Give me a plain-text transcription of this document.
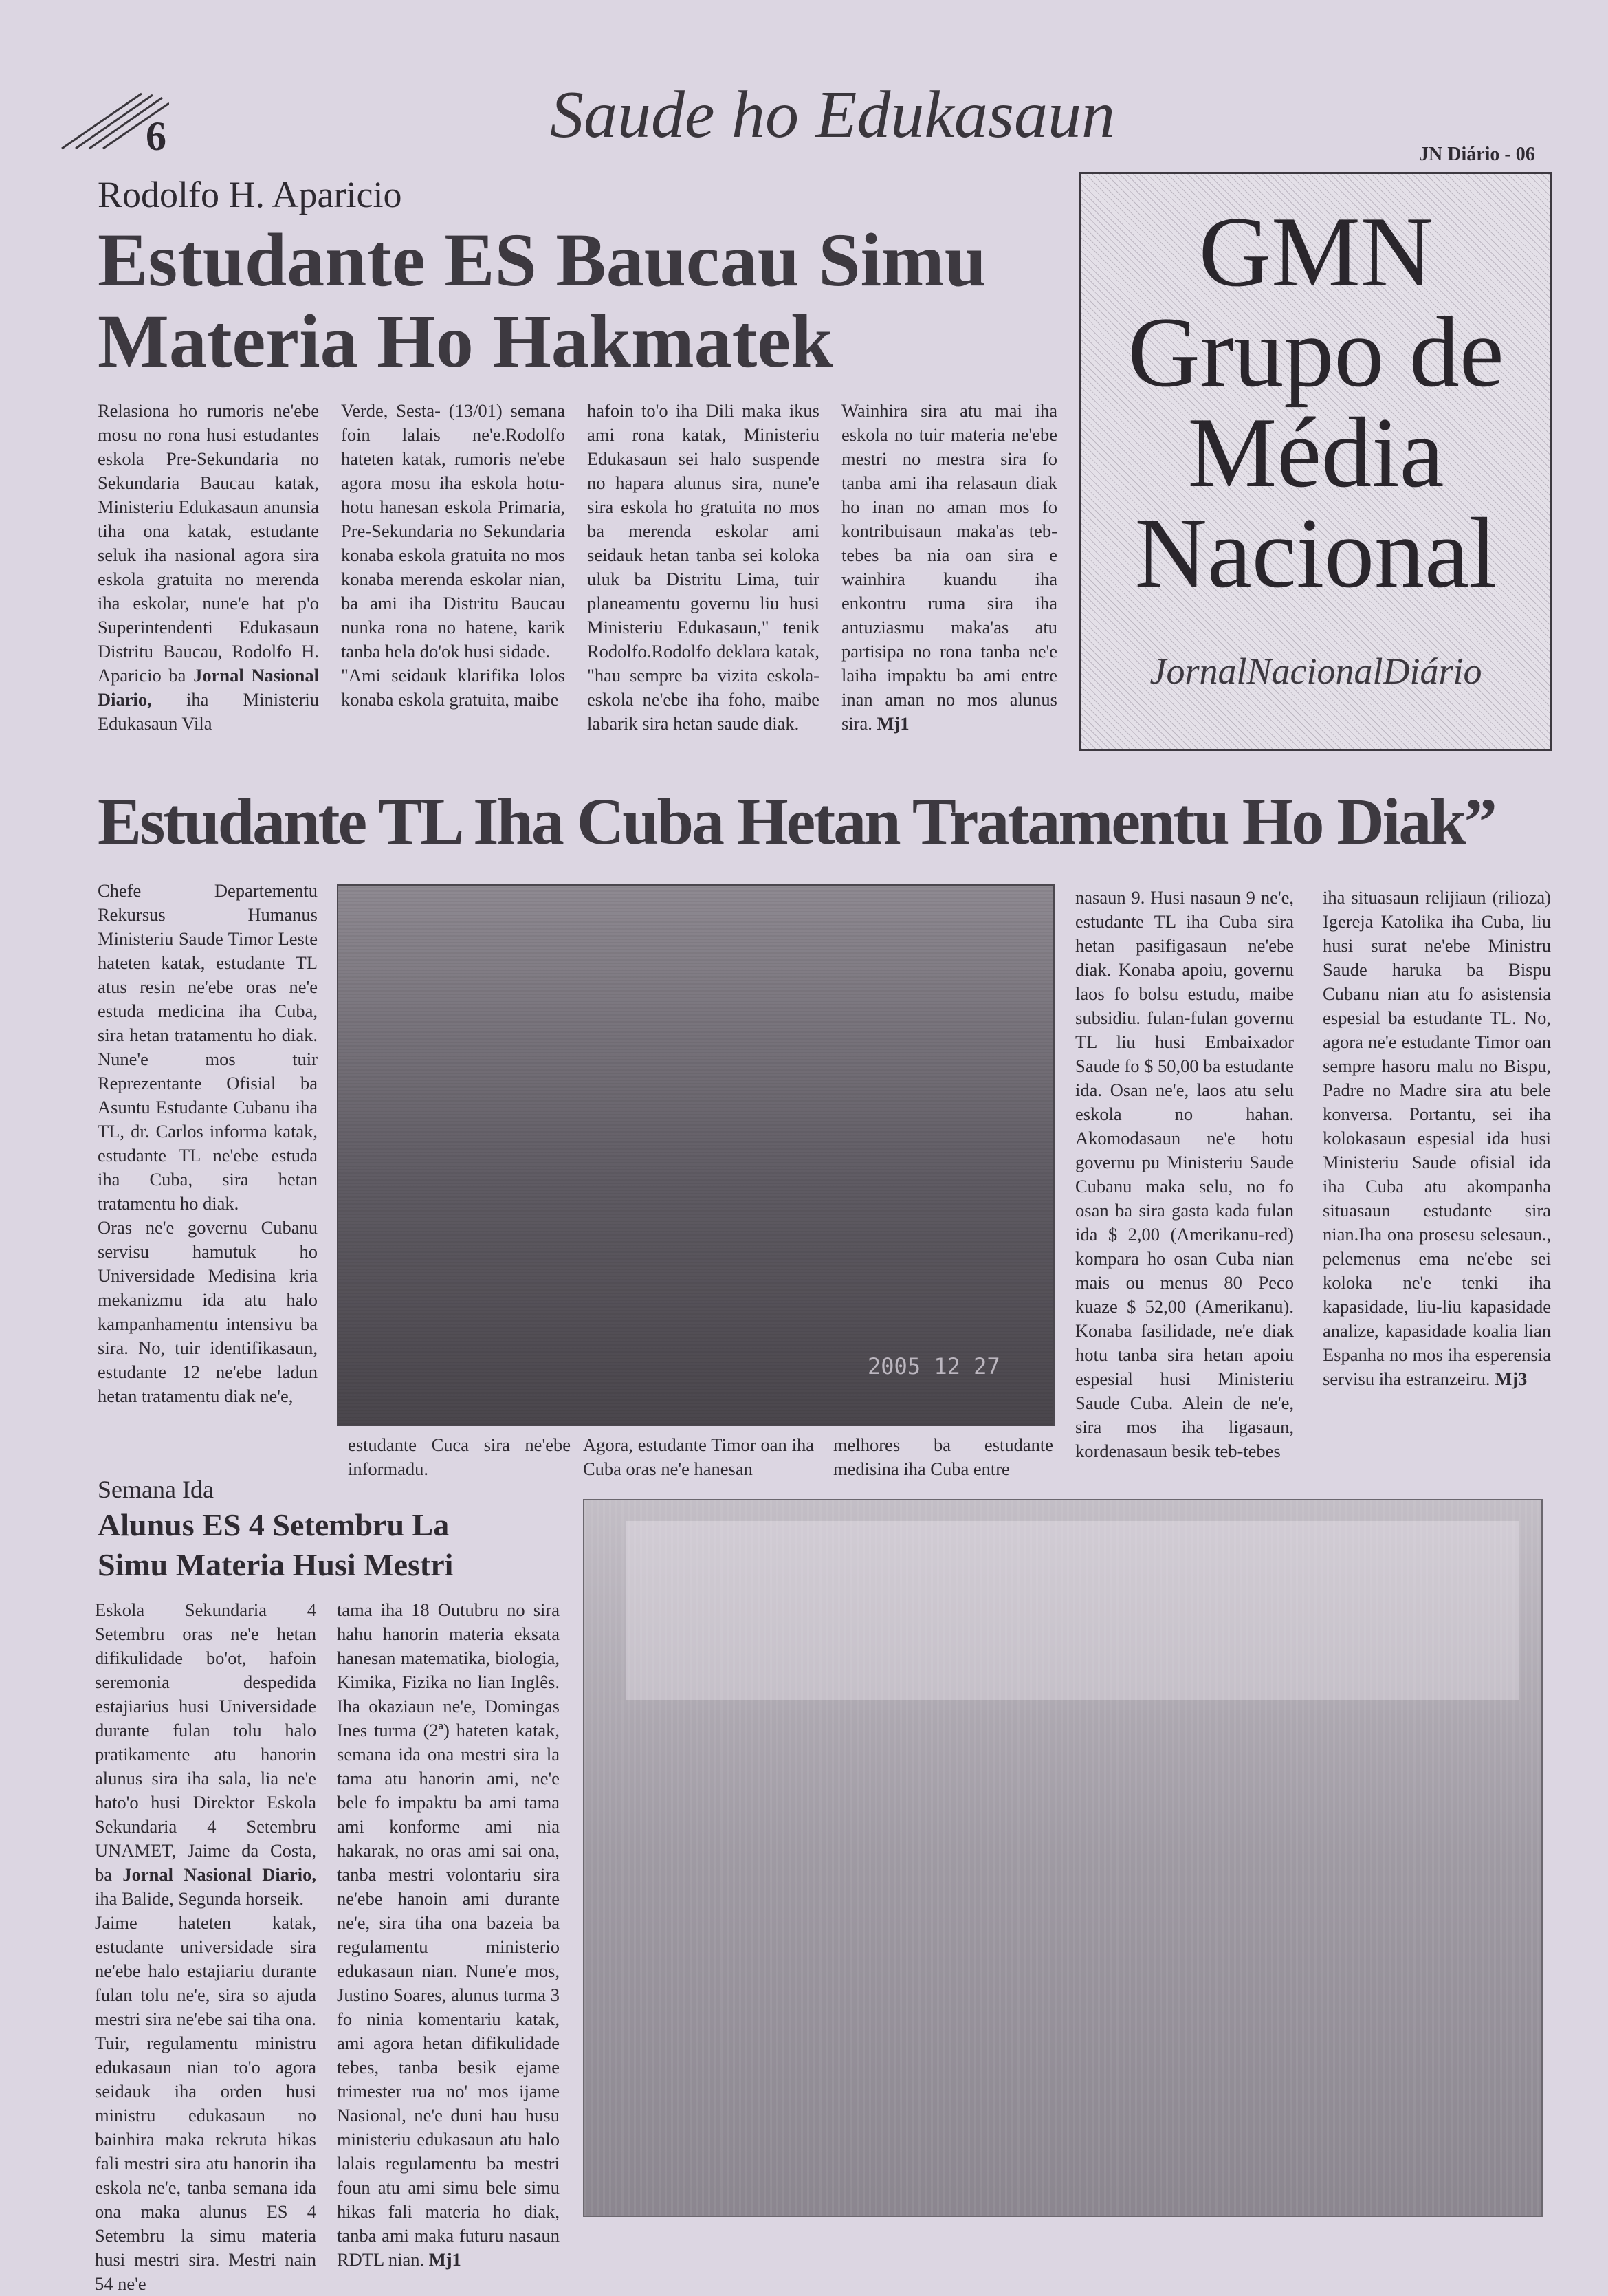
6	Saude ho Edukasaun
JN Diário - 06
Rodolfo H. Aparicio
Estudante ES Baucau Simu
Materia Ho Hakmatek
Relasiona ho rumoris ne'ebe mosu no rona husi estudantes eskola Pre-Sekundaria no Sekundaria Baucau katak, Ministeriu Edukasaun anunsia tiha ona katak, estudante seluk iha nasional agora sira eskola gratuita no merenda iha eskolar, nune'e hat p'o Superintendenti Edukasaun Distritu Baucau, Rodolfo H. Aparicio ba Jornal Nasional Diario, iha Ministeriu Edukasaun Vila

Verde, Sesta- (13/01) semana foin lalais ne'e.Rodolfo hateten katak, rumoris ne'ebe agora mosu iha eskola hotu-hotu hanesan eskola Primaria, Pre-Sekundaria no Sekundaria konaba eskola gratuita no mos konaba merenda eskolar nian, ba ami iha Distritu Baucau nunka rona no hatene, karik tanba hela do'ok husi sidade.

"Ami seidauk klarifika lolos konaba eskola gratuita, maibe

hafoin to'o iha Dili maka ikus ami rona katak, Ministeriu Edukasaun sei halo suspende no hapara alunus sira, nune'e sira eskola ho gratuita no mos ba merenda eskolar ami seidauk hetan tanba sei koloka uluk ba Distritu Lima, tuir planeamentu governu liu husi Ministeriu Edukasaun," tenik Rodolfo.Rodolfo deklara katak, "hau sempre ba vizita eskola-eskola ne'ebe iha foho, maibe labarik sira hetan saude diak.
Wainhira sira atu mai iha eskola no tuir materia ne'ebe mestri no mestra sira fo tanba ami iha relasaun diak ho inan no aman mos fo kontribuisaun maka'as teb-tebes ba nia oan sira e wainhira kuandu iha enkontru ruma sira iha antuziasmu maka'as atu partisipa no rona tanba ne'e laiha impaktu ba ami entre inan aman no mos alunus sira. Mj1
GMN
Grupo de
Média
Nacional
JornalNacionalDiário
Estudante TL Iha Cuba Hetan Tratamentu Ho Diak”

Chefe Departementu Rekursus Humanus Ministeriu Saude Timor Leste hateten katak, estudante TL atus resin ne'ebe oras ne'e estuda medicina iha Cuba, sira hetan tratamentu ho diak. Nune'e mos tuir Reprezentante Ofisial ba Asuntu Estudante Cubanu iha TL, dr. Carlos informa katak, estudante TL ne'ebe estuda iha Cuba, sira hetan tratamentu ho diak.

Oras ne'e governu Cubanu servisu hamutuk ho Universidade Medisina kria mekanizmu ida atu halo kampanhamentu intensivu ba sira. No, tuir identifikasaun, estudante 12 ne'ebe ladun hetan tratamentu diak ne'e,

2005 12 27
estudante Cuca sira ne'ebe informadu.
Agora, estudante Timor oan iha Cuba oras ne'e hanesan
melhores ba estudante medisina iha Cuba entre
nasaun 9. Husi nasaun 9 ne'e, estudante TL iha Cuba sira hetan pasifigasaun ne'ebe diak. Konaba apoiu, governu laos fo bolsu estudu, maibe subsidiu. fulan-fulan governu TL liu husi Embaixador Saude fo $ 50,00 ba estudante ida. Osan ne'e, laos atu selu eskola no hahan. Akomodasaun ne'e hotu governu pu Ministeriu Saude Cubanu maka selu, no fo osan ba sira gasta kada fulan ida $ 2,00 (Amerikanu-red) kompara ho osan Cuba nian mais ou menus 80 Peco kuaze $ 52,00 (Amerikanu). Konaba fasilidade, ne'e diak hotu tanba sira hetan apoiu espesial husi Ministeriu Saude Cuba. Alein de ne'e, sira mos iha ligasaun, kordenasaun besik teb-tebes
iha situasaun relijiaun (rilioza) Igereja Katolika iha Cuba, liu husi surat ne'ebe Ministru Saude haruka ba Bispu Cubanu nian atu fo asistensia espesial ba estudante TL. No, agora ne'e estudante Timor oan sempre hasoru malu no Bispu, Padre no Madre sira atu bele konversa. Portantu, sei iha kolokasaun espesial ida husi Ministeriu Saude ofisial ida iha Cuba atu akompanha situasaun estudante sira nian.Iha ona prosesu selesaun., pelemenus ema ne'ebe sei koloka ne'e tenki iha kapasidade, liu-liu kapasidade analize, kapasidade koalia lian Espanha no mos iha esperensia servisu iha estranzeiru. Mj3
Semana Ida
Alunus ES 4 Setembru La
Simu Materia Husi Mestri

Eskola Sekundaria 4 Setembru oras ne'e hetan difikulidade bo'ot, hafoin seremonia despedida estajiarius husi Universidade durante fulan tolu halo pratikamente atu hanorin alunus sira iha sala, lia ne'e hato'o husi Direktor Eskola Sekundaria 4 Setembru UNAMET, Jaime da Costa, ba Jornal Nasional Diario, iha Balide, Segunda horseik.

Jaime hateten katak, estudante universidade sira ne'ebe halo estajiariu durante fulan tolu ne'e, sira so ajuda mestri sira ne'ebe sai tiha ona. Tuir, regulamentu ministru edukasaun nian to'o agora seidauk iha orden husi ministru edukasaun no bainhira maka rekruta hikas fali mestri sira atu hanorin iha eskola ne'e, tanba semana ida ona maka alunus ES 4 Setembru la simu materia husi mestri sira. Mestri nain 54 ne'e

tama iha 18 Outubru no sira hahu hanorin materia eksata hanesan matematika, biologia, Kimika, Fizika no lian Inglês. Iha okaziaun ne'e, Domingas Ines turma (2ª) hateten katak, semana ida ona mestri sira la tama atu hanorin ami, ne'e bele fo impaktu ba ami tama ami konforme ami nia hakarak, no oras ami sai ona, tanba mestri volontariu sira ne'ebe hanoin ami durante ne'e, sira tiha ona bazeia ba regulamentu ministerio edukasaun nian. Nune'e mos, Justino Soares, alunus turma 3 fo ninia komentariu katak, ami agora hetan difikulidade tebes, tanba besik ejame trimester rua no' mos ijame Nasional, ne'e duni hau husu ministeriu edukasaun atu halo lalais regulamentu ba mestri foun atu ami simu bele simu hikas fali materia ho diak, tanba ami maka futuru nasaun RDTL nian. Mj1
